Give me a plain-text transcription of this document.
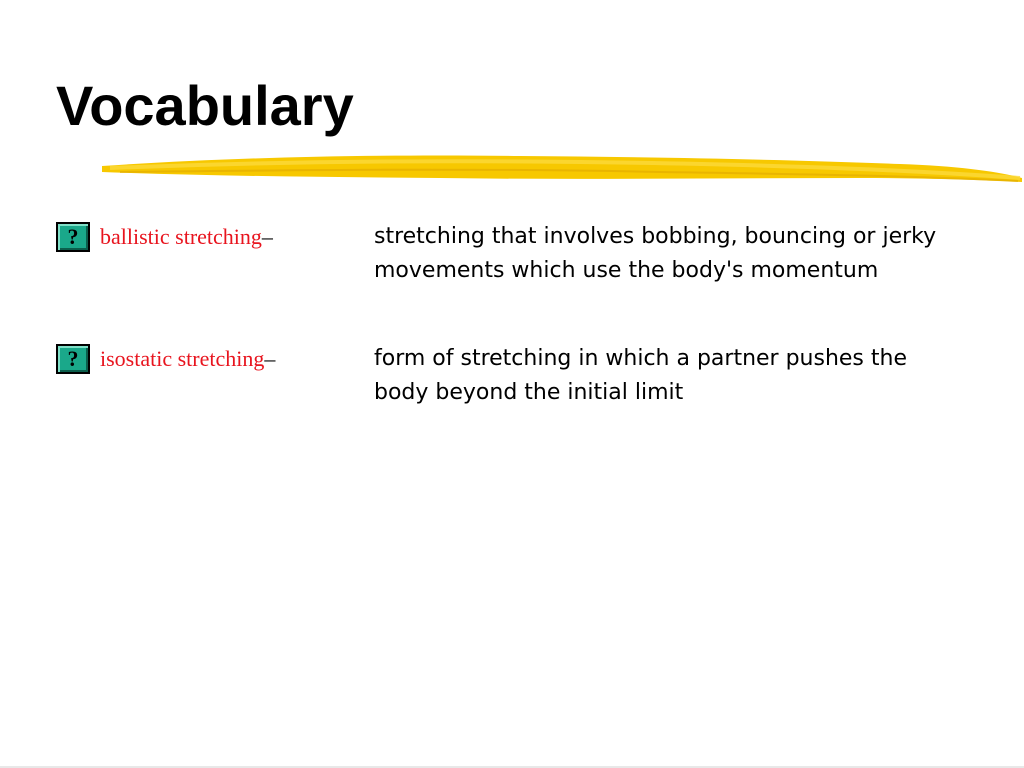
Vocabulary
? ballistic stretching–	stretching that involves bobbing, bouncing or jerky movements which use the body's momentum
? isostatic stretching–	form of stretching in which a partner pushes the body beyond the initial limit
